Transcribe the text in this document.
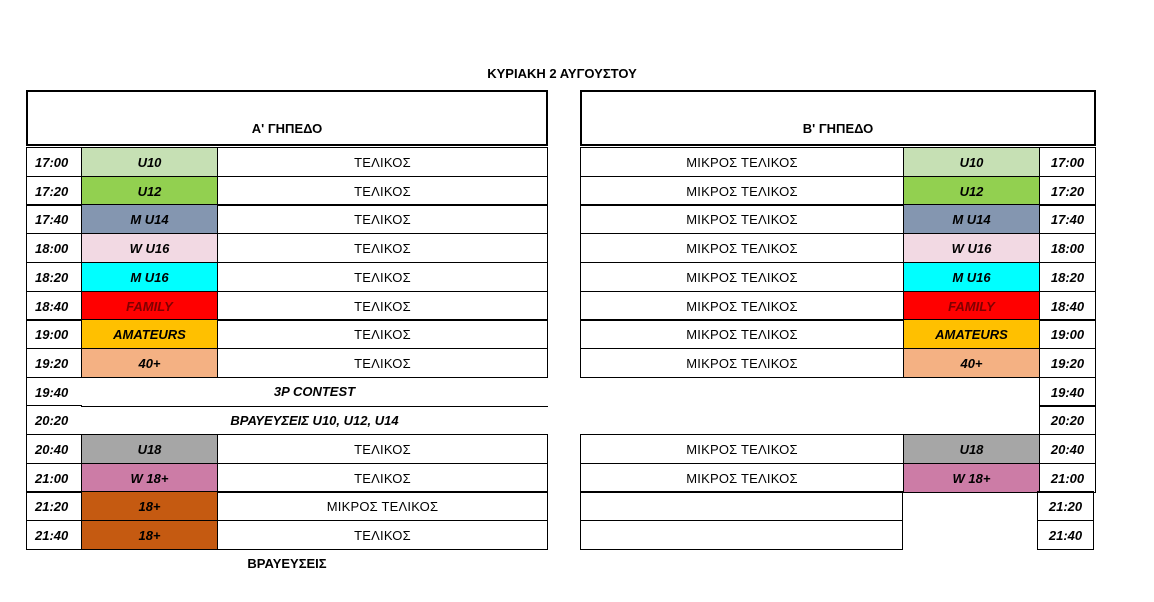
ΚΥΡΙΑΚΗ 2 ΑΥΓΟΥΣΤΟΥ
Α' ΓΗΠΕΔΟ	Β' ΓΗΠΕΔΟ
17:00	U10	ΤΕΛΙΚΟΣ	ΜΙΚΡΟΣ ΤΕΛΙΚΟΣ	U10	17:00
17:20	U12	ΤΕΛΙΚΟΣ	ΜΙΚΡΟΣ ΤΕΛΙΚΟΣ	U12	17:20
17:40	M U14	ΤΕΛΙΚΟΣ	ΜΙΚΡΟΣ ΤΕΛΙΚΟΣ	M U14	17:40
18:00	W U16	ΤΕΛΙΚΟΣ	ΜΙΚΡΟΣ ΤΕΛΙΚΟΣ	W U16	18:00
18:20	M U16	ΤΕΛΙΚΟΣ	ΜΙΚΡΟΣ ΤΕΛΙΚΟΣ	M U16	18:20
18:40	FAMILY	ΤΕΛΙΚΟΣ	ΜΙΚΡΟΣ ΤΕΛΙΚΟΣ	FAMILY	18:40
19:00	AMATEURS	ΤΕΛΙΚΟΣ	ΜΙΚΡΟΣ ΤΕΛΙΚΟΣ	AMATEURS	19:00
19:20	40+	ΤΕΛΙΚΟΣ	ΜΙΚΡΟΣ ΤΕΛΙΚΟΣ	40+	19:20
19:40	3P CONTEST	19:40
20:20	ΒΡΑΥΕΥΣΕΙΣ U10, U12, U14	20:20
20:40	U18	ΤΕΛΙΚΟΣ	ΜΙΚΡΟΣ ΤΕΛΙΚΟΣ	U18	20:40
21:00	W 18+	ΤΕΛΙΚΟΣ	ΜΙΚΡΟΣ ΤΕΛΙΚΟΣ	W 18+	21:00
21:20	18+	ΜΙΚΡΟΣ ΤΕΛΙΚΟΣ	21:20
21:40	18+	ΤΕΛΙΚΟΣ	21:40
ΒΡΑΥΕΥΣΕΙΣ
